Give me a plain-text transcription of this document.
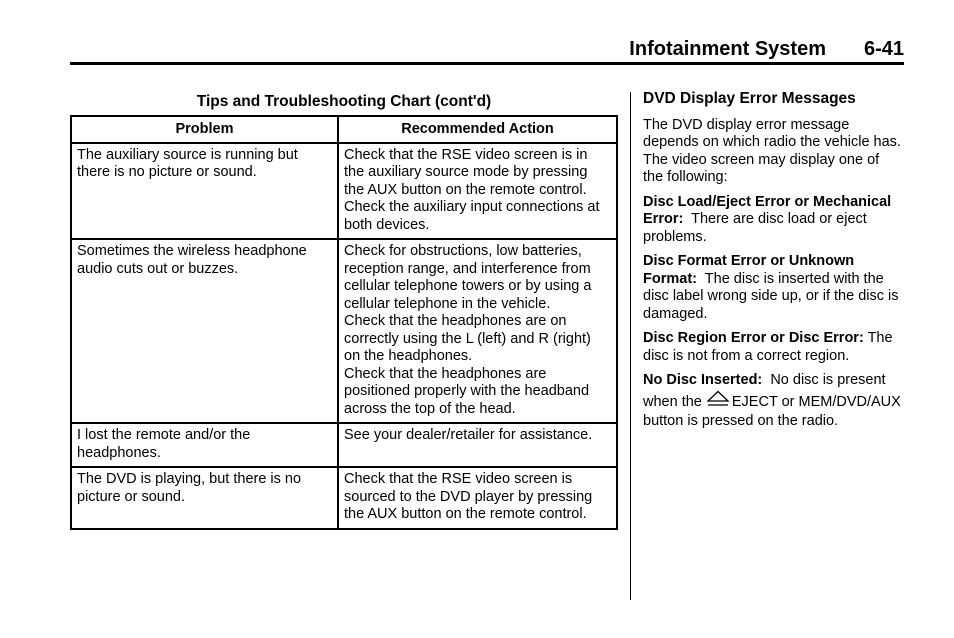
Infotainment System 6-41
Tips and Troubleshooting Chart (cont'd)
Problem	Recommended Action
The auxiliary source is running but there is no picture or sound.	Check that the RSE video screen is in the auxiliary source mode by pressing the AUX button on the remote control.
Check the auxiliary input connections at both devices.

Sometimes the wireless headphone audio cuts out or buzzes.	Check for obstructions, low batteries, reception range, and interference from cellular telephone towers or by using a cellular telephone in the vehicle.
Check that the headphones are on correctly using the L (left) and R (right) on the headphones.
Check that the headphones are positioned properly with the headband across the top of the head.

I lost the remote and/or the headphones.	See your dealer/retailer for assistance.

The DVD is playing, but there is no picture or sound.	Check that the RSE video screen is sourced to the DVD player by pressing the AUX button on the remote control.
DVD Display Error Messages

The DVD display error message depends on which radio the vehicle has. The video screen may display one of the following:

Disc Load/Eject Error or Mechanical Error: There are disc load or eject problems.

Disc Format Error or Unknown Format: The disc is inserted with the disc label wrong side up, or if the disc is damaged.

Disc Region Error or Disc Error: The disc is not from a correct region.

No Disc Inserted: No disc is present when the EJECT or MEM/DVD/AUX button is pressed on the radio.
